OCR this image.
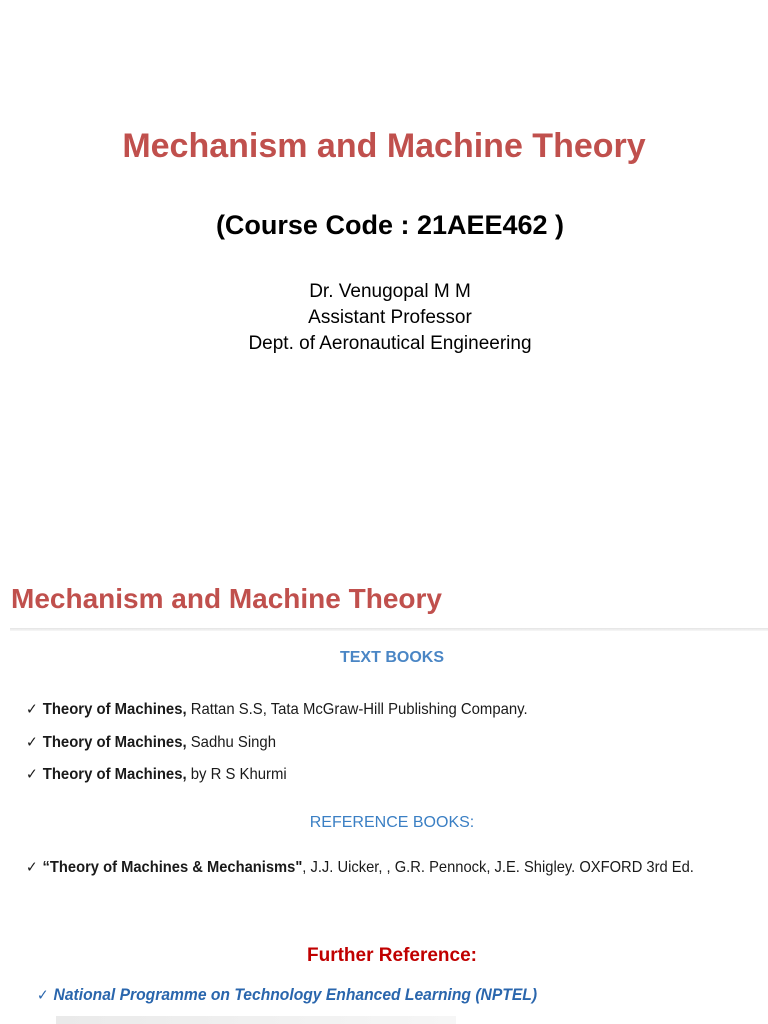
Mechanism and Machine Theory
(Course Code : 21AEE462 )
Dr. Venugopal M M
Assistant Professor
Dept. of Aeronautical Engineering
Mechanism and Machine Theory
TEXT BOOKS
✓ Theory of Machines, Rattan S.S, Tata McGraw-Hill Publishing Company.
✓ Theory of Machines, Sadhu Singh
✓ Theory of Machines, by R S Khurmi
REFERENCE BOOKS:
✓ “Theory of Machines & Mechanisms", J.J. Uicker, , G.R. Pennock, J.E. Shigley. OXFORD 3rd Ed.
Further Reference:
✓ National Programme on Technology Enhanced Learning (NPTEL)
